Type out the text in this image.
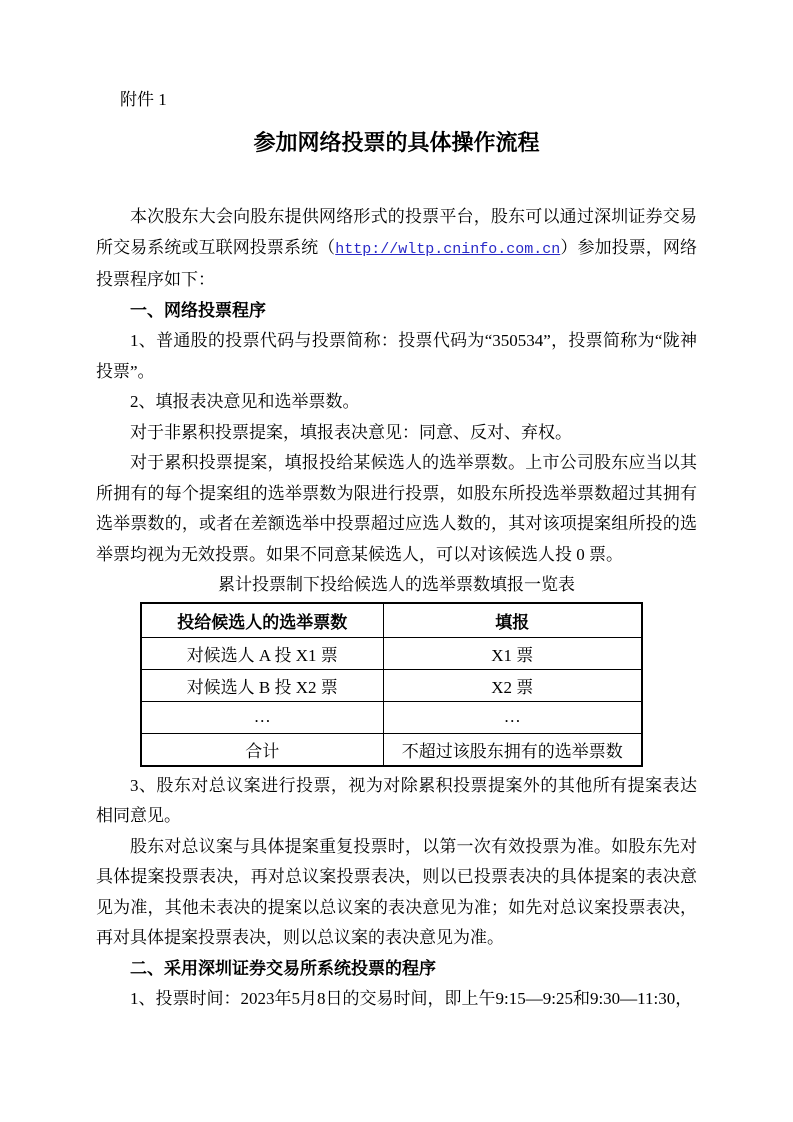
附件 1
参加网络投票的具体操作流程

本次股东大会向股东提供网络形式的投票平台，股东可以通过深圳证券交易所交易系统或互联网投票系统（http://wltp.cninfo.com.cn）参加投票，网络投票程序如下：

一、网络投票程序

1、普通股的投票代码与投票简称：投票代码为“350534”，投票简称为“陇神投票”。

2、填报表决意见和选举票数。

对于非累积投票提案，填报表决意见：同意、反对、弃权。

对于累积投票提案，填报投给某候选人的选举票数。上市公司股东应当以其所拥有的每个提案组的选举票数为限进行投票，如股东所投选举票数超过其拥有选举票数的，或者在差额选举中投票超过应选人数的，其对该项提案组所投的选举票均视为无效投票。如果不同意某候选人，可以对该候选人投 0 票。

累计投票制下投给候选人的选举票数填报一览表

投给候选人的选举票数	填报
对候选人 A 投 X1 票	X1 票
对候选人 B 投 X2 票	X2 票
…	…
合计	不超过该股东拥有的选举票数

3、股东对总议案进行投票，视为对除累积投票提案外的其他所有提案表达相同意见。

股东对总议案与具体提案重复投票时，以第一次有效投票为准。如股东先对具体提案投票表决，再对总议案投票表决，则以已投票表决的具体提案的表决意见为准，其他未表决的提案以总议案的表决意见为准；如先对总议案投票表决，再对具体提案投票表决，则以总议案的表决意见为准。

二、采用深圳证券交易所系统投票的程序

1、投票时间：2023年5月8日的交易时间，即上午9:15—9:25和9:30—11:30，
